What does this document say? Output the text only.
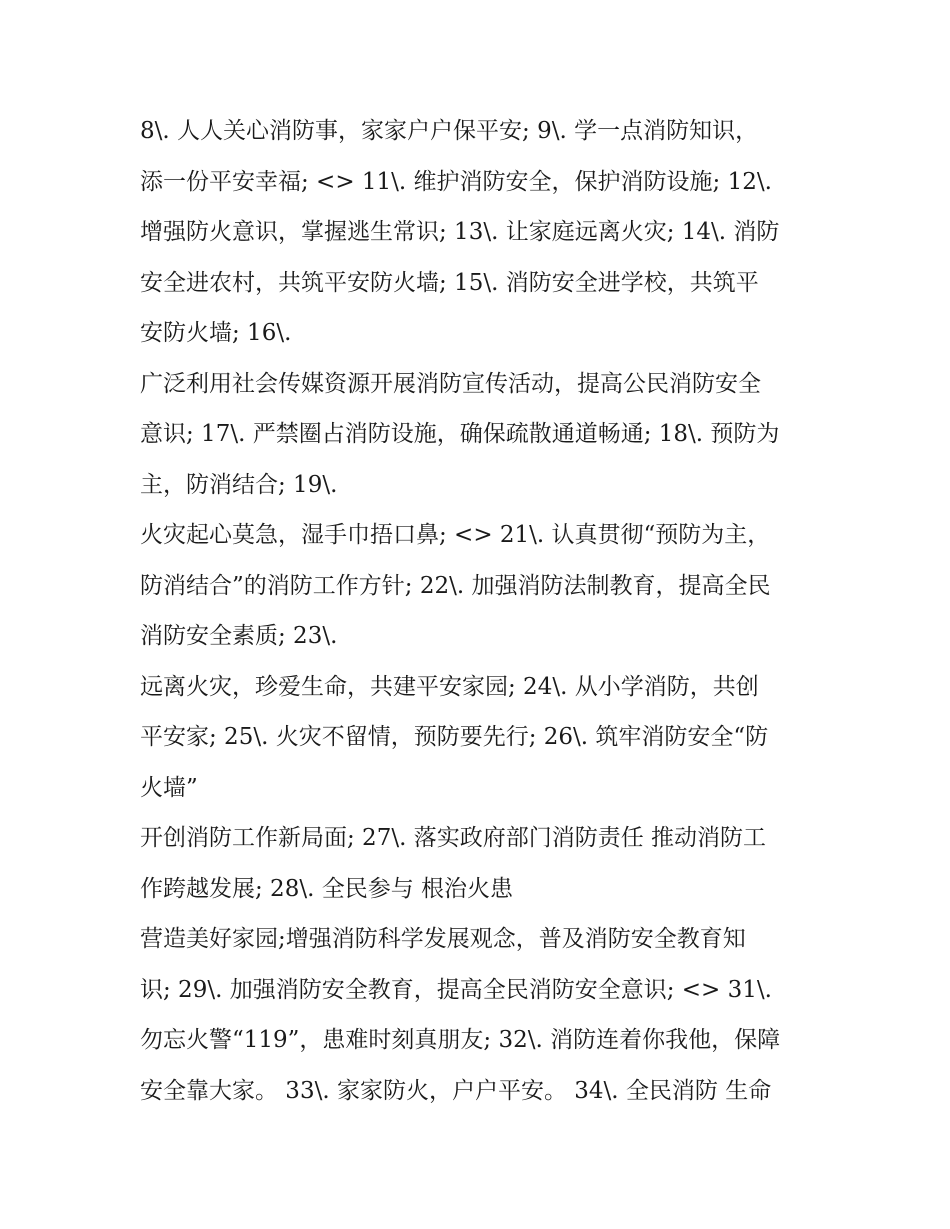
8\. 人人关心消防事，家家户户保平安; 9\. 学一点消防知识，
添一份平安幸福; <> 11\. 维护消防安全，保护消防设施; 12\.
增强防火意识，掌握逃生常识; 13\. 让家庭远离火灾; 14\. 消防
安全进农村，共筑平安防火墙; 15\. 消防安全进学校，共筑平
安防火墙; 16\.
广泛利用社会传媒资源开展消防宣传活动，提高公民消防安全
意识; 17\. 严禁圈占消防设施，确保疏散通道畅通; 18\. 预防为
主，防消结合; 19\.
火灾起心莫急，湿手巾捂口鼻; <> 21\. 认真贯彻“预防为主，
防消结合”的消防工作方针; 22\. 加强消防法制教育，提高全民
消防安全素质; 23\.
远离火灾，珍爱生命，共建平安家园; 24\. 从小学消防，共创
平安家; 25\. 火灾不留情，预防要先行; 26\. 筑牢消防安全“防
火墙”
开创消防工作新局面; 27\. 落实政府部门消防责任 推动消防工
作跨越发展; 28\. 全民参与 根治火患
营造美好家园;增强消防科学发展观念，普及消防安全教育知
识; 29\. 加强消防安全教育，提高全民消防安全意识; <> 31\.
勿忘火警“119”，患难时刻真朋友; 32\. 消防连着你我他，保障
安全靠大家。 33\. 家家防火，户户平安。 34\. 全民消防 生命
